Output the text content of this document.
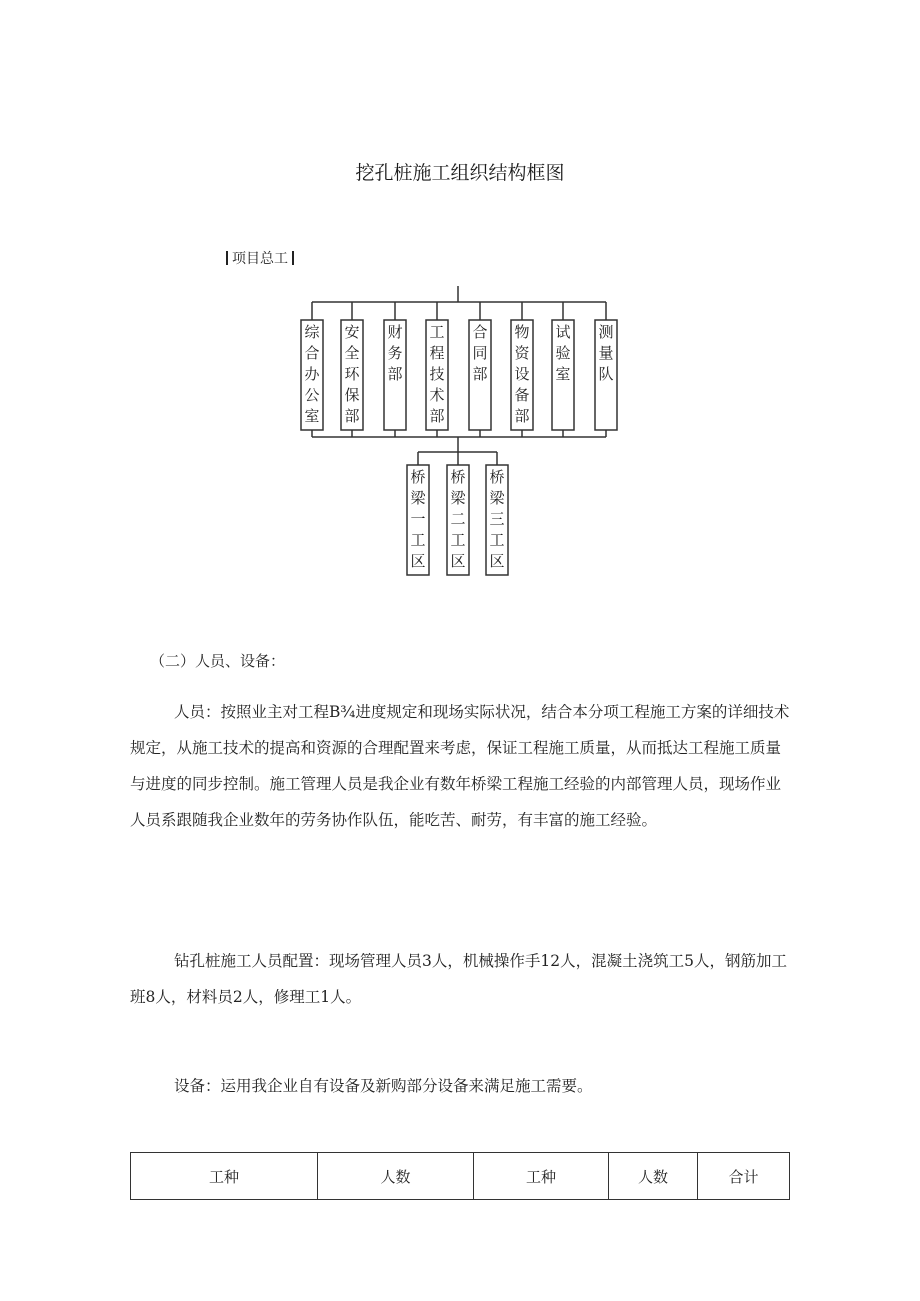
挖孔桩施工组织结构框图
项目总工
综合办公室
安全环保部
财务部
工程技术部
合同部
物资设备部
试验室
测量队
桥梁一工区
桥梁二工区
桥梁三工区
（二）人员、设备：

人员：按照业主对工程B¾进度规定和现场实际状况，结合本分项工程施工方案的详细技术规定，从施工技术的提高和资源的合理配置来考虑，保证工程施工质量，从而抵达工程施工质量与进度的同步控制。施工管理人员是我企业有数年桥梁工程施工经验的内部管理人员，现场作业人员系跟随我企业数年的劳务协作队伍，能吃苦、耐劳，有丰富的施工经验。

钻孔桩施工人员配置：现场管理人员3人，机械操作手12人，混凝土浇筑工5人，钢筋加工班8人，材料员2人，修理工1人。

设备：运用我企业自有设备及新购部分设备来满足施工需要。

工种	人数	工种	人数	合计
